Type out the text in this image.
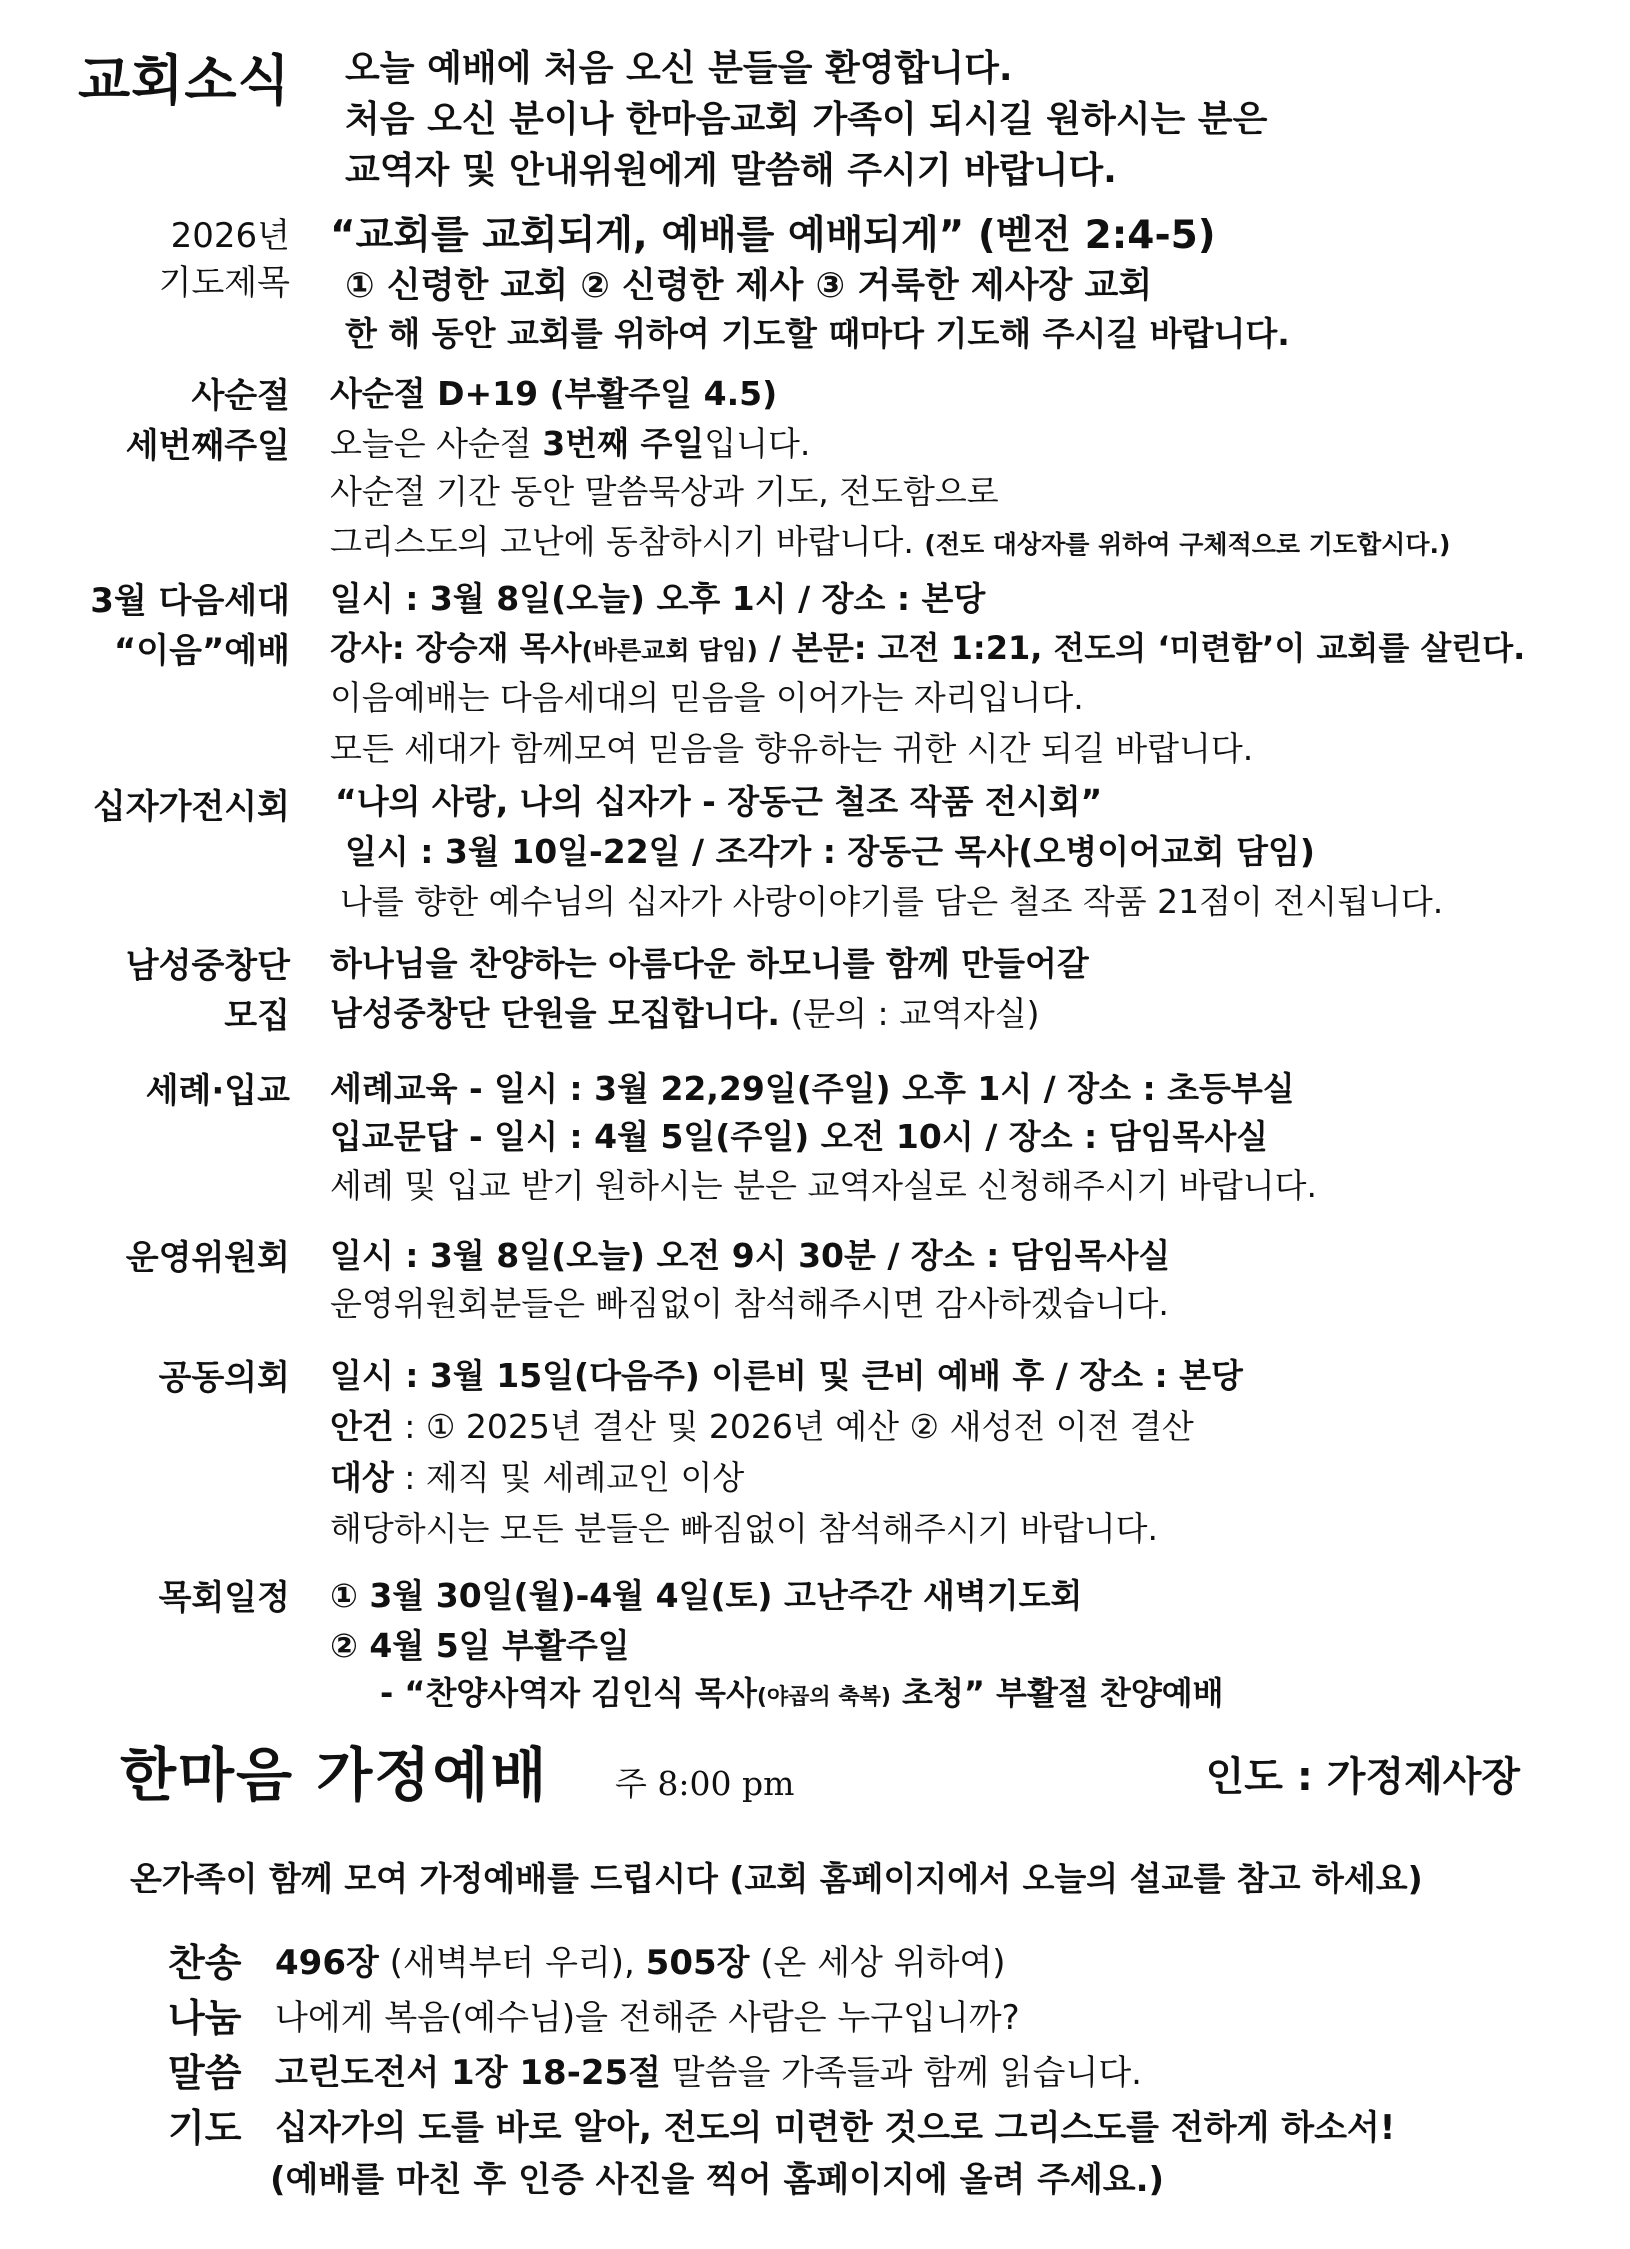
교회소식 오늘 예배에 처음 오신 분들을 환영합니다.
처음 오신 분이나 한마음교회 가족이 되시길 원하시는 분은
교역자 및 안내위원에게 말씀해 주시기 바랍니다.
2026년
기도제목
“교회를 교회되게, 예배를 예배되게” (벧전 2:4-5)
① 신령한 교회 ② 신령한 제사 ③ 거룩한 제사장 교회
한 해 동안 교회를 위하여 기도할 때마다 기도해 주시길 바랍니다.
사순절
세번째주일
사순절 D+19 (부활주일 4.5)
오늘은 사순절 3번째 주일입니다.
사순절 기간 동안 말씀묵상과 기도, 전도함으로
그리스도의 고난에 동참하시기 바랍니다. (전도 대상자를 위하여 구체적으로 기도합시다.)
3월 다음세대
“이음”예배
일시 : 3월 8일(오늘) 오후 1시 / 장소 : 본당
강사: 장승재 목사(바른교회 담임) / 본문: 고전 1:21, 전도의 ‘미련함’이 교회를 살린다.
이음예배는 다음세대의 믿음을 이어가는 자리입니다.
모든 세대가 함께모여 믿음을 향유하는 귀한 시간 되길 바랍니다.
십자가전시회 “나의 사랑, 나의 십자가 - 장동근 철조 작품 전시회”
일시 : 3월 10일-22일 / 조각가 : 장동근 목사(오병이어교회 담임)
나를 향한 예수님의 십자가 사랑이야기를 담은 철조 작품 21점이 전시됩니다.
남성중창단
모집
하나님을 찬양하는 아름다운 하모니를 함께 만들어갈
남성중창단 단원을 모집합니다. (문의 : 교역자실)
세례·입교 세례교육 - 일시 : 3월 22,29일(주일) 오후 1시 / 장소 : 초등부실
입교문답 - 일시 : 4월 5일(주일) 오전 10시 / 장소 : 담임목사실
세례 및 입교 받기 원하시는 분은 교역자실로 신청해주시기 바랍니다.
운영위원회 일시 : 3월 8일(오늘) 오전 9시 30분 / 장소 : 담임목사실
운영위원회분들은 빠짐없이 참석해주시면 감사하겠습니다.
공동의회 일시 : 3월 15일(다음주) 이른비 및 큰비 예배 후 / 장소 : 본당
안건 : ① 2025년 결산 및 2026년 예산 ② 새성전 이전 결산
대상 : 제직 및 세례교인 이상
해당하시는 모든 분들은 빠짐없이 참석해주시기 바랍니다.
목회일정 ① 3월 30일(월)-4월 4일(토) 고난주간 새벽기도회
② 4월 5일 부활주일
- “찬양사역자 김인식 목사(야곱의 축복) 초청” 부활절 찬양예배
한마음 가정예배 주 8:00 pm	인도 : 가정제사장
온가족이 함께 모여 가정예배를 드립시다 (교회 홈페이지에서 오늘의 설교를 참고 하세요)
찬송 496장 (새벽부터 우리), 505장 (온 세상 위하여)
나눔 나에게 복음(예수님)을 전해준 사람은 누구입니까?
말씀 고린도전서 1장 18-25절 말씀을 가족들과 함께 읽습니다.
기도 십자가의 도를 바로 알아, 전도의 미련한 것으로 그리스도를 전하게 하소서!
(예배를 마친 후 인증 사진을 찍어 홈페이지에 올려 주세요.)
